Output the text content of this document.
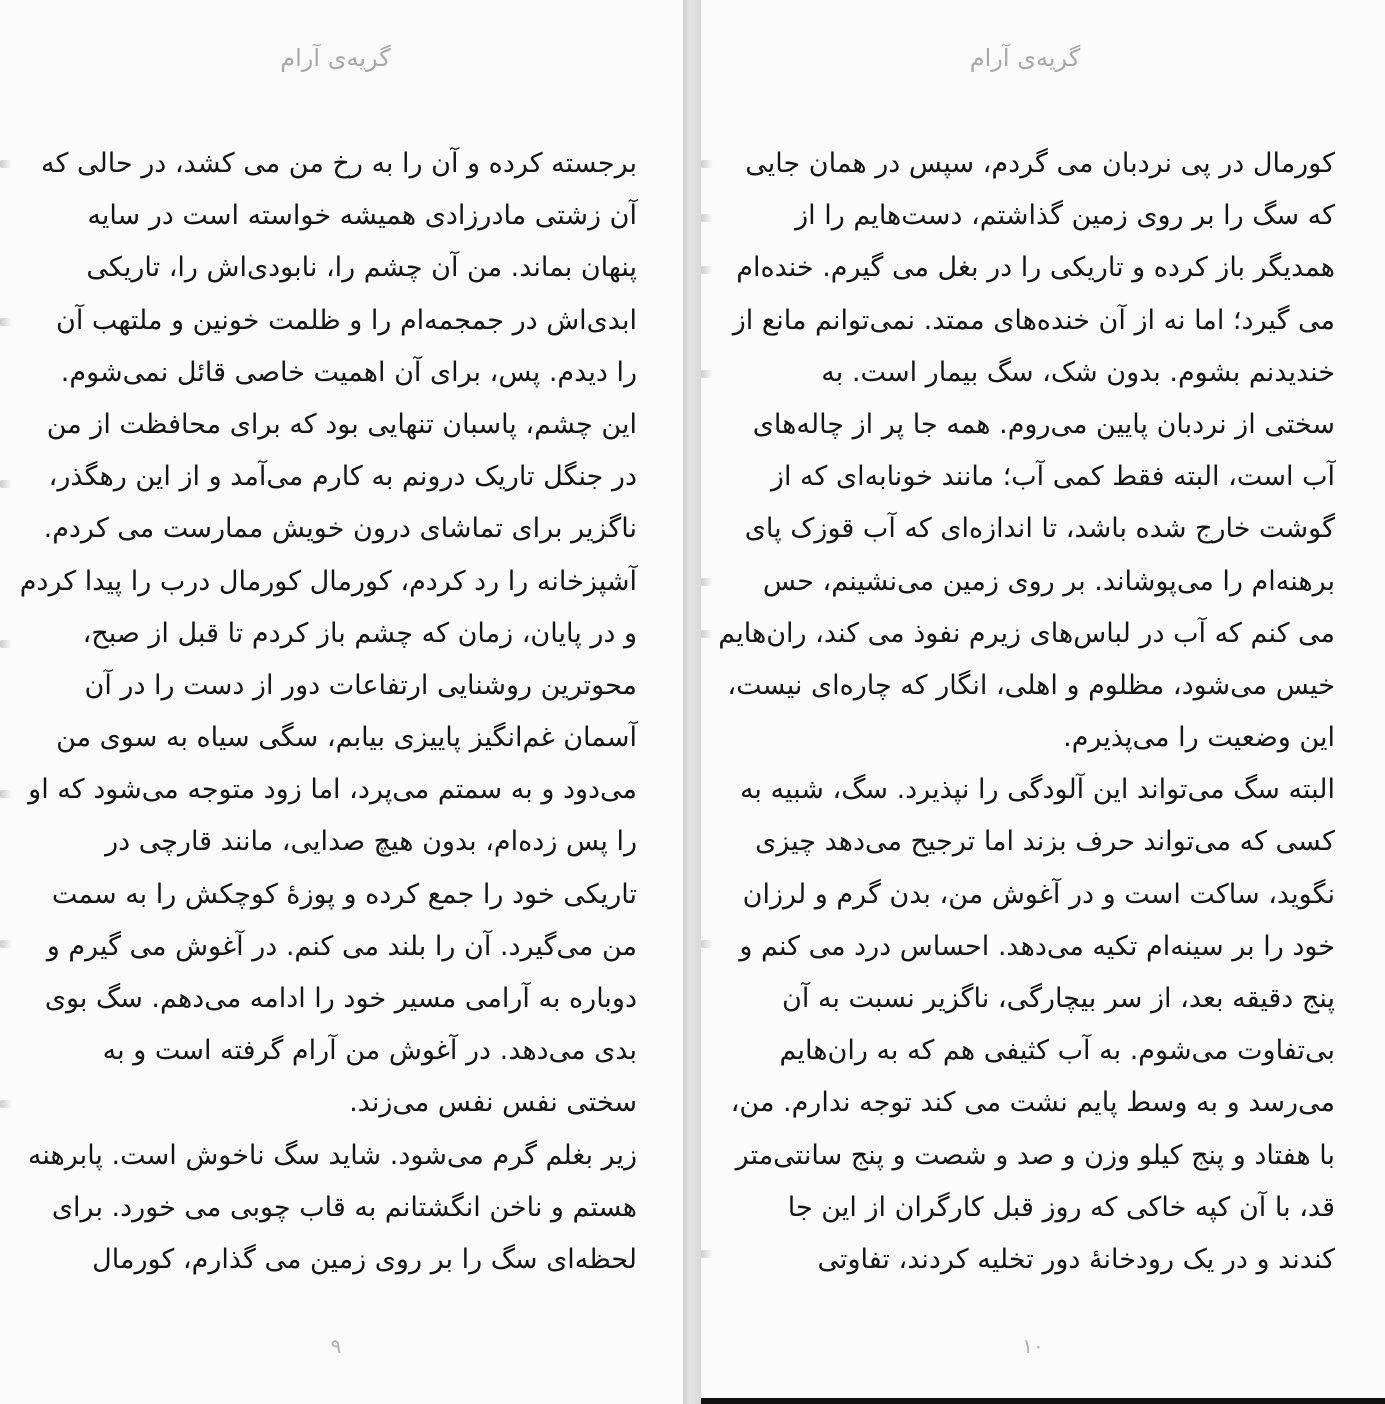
گریه‌ی آرام
برجسته کرده و آن را به رخ من می کشد، در حالی که
آن زشتی مادرزادی همیشه خواسته است در سایه
پنهان بماند. من آن چشم را، نابودی‌اش را، تاریکی
ابدی‌اش در جمجمه‌ام را و ظلمت خونین و ملتهب آن
را دیدم. پس، برای آن اهمیت خاصی قائل نمی‌شوم.
این چشم، پاسبان تنهایی بود که برای محافظت از من
در جنگل تاریک درونم به کارم می‌آمد و از این رهگذر،
ناگزیر برای تماشای درون خویش ممارست می کردم.
آشپزخانه را رد کردم، کورمال کورمال درب را پیدا کردم
و در پایان، زمان که چشم باز کردم تا قبل از صبح،
محوترین روشنایی ارتفاعات دور از دست را در آن
آسمان غم‌انگیز پاییزی بیابم، سگی سیاه به سوی من
می‌دود و به سمتم می‌پرد، اما زود متوجه می‌شود که او
را پس زده‌ام، بدون هیچ صدایی، مانند قارچی در
تاریکی خود را جمع کرده و پوزهٔ کوچکش را به سمت
من می‌گیرد. آن را بلند می کنم. در آغوش می گیرم و
دوباره به آرامی مسیر خود را ادامه می‌دهم. سگ بوی
بدی می‌دهد. در آغوش من آرام گرفته است و به
سختی نفس نفس می‌زند.
زیر بغلم گرم می‌شود. شاید سگ ناخوش است. پابرهنه
هستم و ناخن انگشتانم به قاب چوبی می خورد. برای
لحظه‌ای سگ را بر روی زمین می گذارم، کورمال
۹
گریه‌ی آرام
کورمال در پی نردبان می گردم، سپس در همان جایی
که سگ را بر روی زمین گذاشتم، دست‌هایم را از
همدیگر باز کرده و تاریکی را در بغل می گیرم. خنده‌ام
می گیرد؛ اما نه از آن خنده‌های ممتد. نمی‌توانم مانع از
خندیدنم بشوم. بدون شک، سگ بیمار است. به
سختی از نردبان پایین می‌روم. همه جا پر از چاله‌های
آب است، البته فقط کمی آب؛ مانند خونابه‌ای که از
گوشت خارج شده باشد، تا اندازه‌ای که آب قوزک پای
برهنه‌ام را می‌پوشاند. بر روی زمین می‌نشینم، حس
می کنم که آب در لباس‌های زیرم نفوذ می کند، ران‌هایم
خیس می‌شود، مظلوم و اهلی، انگار که چاره‌ای نیست،
این وضعیت را می‌پذیرم.
البته سگ می‌تواند این آلودگی را نپذیرد. سگ، شبیه به
کسی که می‌تواند حرف بزند اما ترجیح می‌دهد چیزی
نگوید، ساکت است و در آغوش من، بدن گرم و لرزان
خود را بر سینه‌ام تکیه می‌دهد. احساس درد می کنم و
پنج دقیقه بعد، از سر بیچارگی، ناگزیر نسبت به آن
بی‌تفاوت می‌شوم. به آب کثیفی هم که به ران‌هایم
می‌رسد و به وسط پایم نشت می کند توجه ندارم. من،
با هفتاد و پنج کیلو وزن و صد و شصت و پنج سانتی‌متر
قد، با آن کپه خاکی که روز قبل کارگران از این جا
کندند و در یک رودخانهٔ دور تخلیه کردند، تفاوتی
۱۰
